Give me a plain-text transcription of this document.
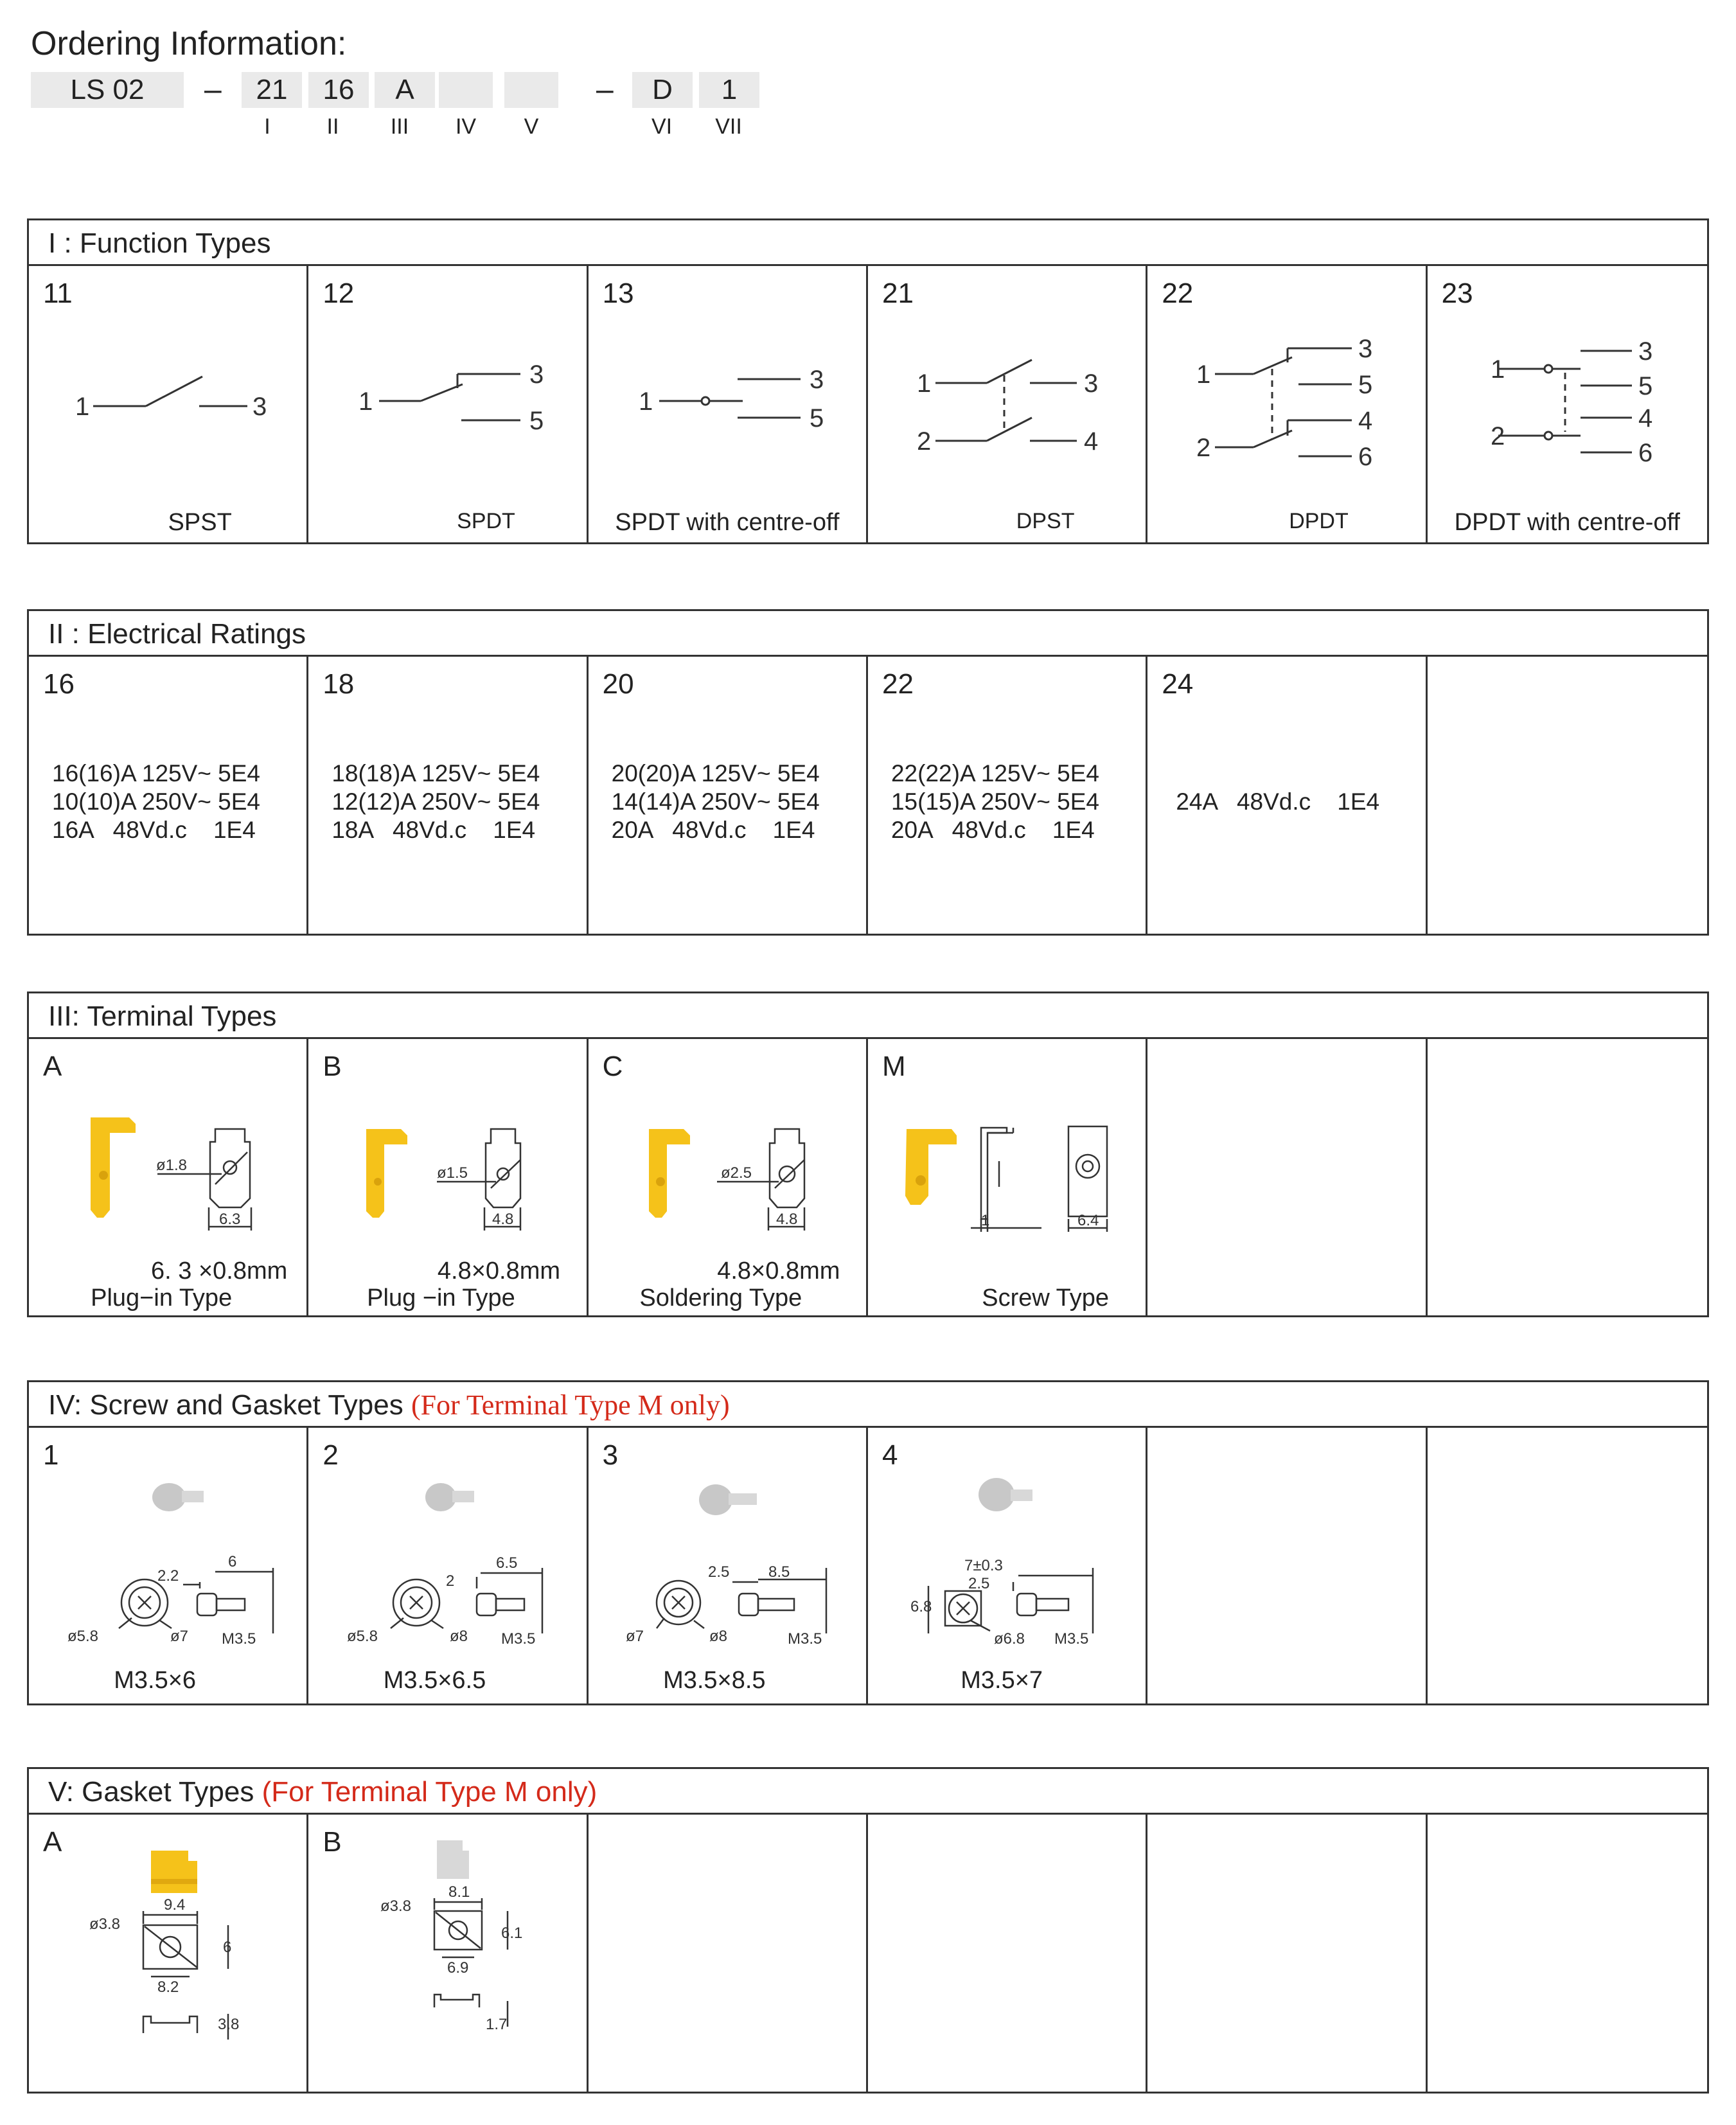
Ordering Information:
LS 02	–	21	16	A	–	D	1
I	II	III	IV	V	VI	VII
I : Function Types
11
1	3
SPST
12
1
3
5
SPDT
13
1
3
5
SPDT with centre-off
21
1	3
2	4
DPST
22
1
3
5
2
4
6
DPDT
23
1
3
5
2
4
6
DPDT with centre-off
II : Electrical Ratings
16
16(16)A 125V~ 5E4
10(10)A 250V~ 5E4
16A   48Vd.c    1E4
18
18(18)A 125V~ 5E4
12(12)A 250V~ 5E4
18A   48Vd.c    1E4
20
20(20)A 125V~ 5E4
14(14)A 250V~ 5E4
20A   48Vd.c    1E4
22
22(22)A 125V~ 5E4
15(15)A 250V~ 5E4
20A   48Vd.c    1E4
24
24A   48Vd.c    1E4
III: Terminal Types
A
ø1.8
6.3
6. 3 ×0.8mm
Plug−in Type
B
ø1.5
4.8
4.8×0.8mm
Plug −in Type
C
ø2.5
4.8
4.8×0.8mm
Soldering Type
M
1	6.4
Screw Type
IV: Screw and Gasket Types (For Terminal Type M only)
1
2.2
6
ø5.8	ø7 M3.5
M3.5×6
2
2
6.5
ø5.8	ø8 M3.5
M3.5×6.5
3
2.5	8.5
ø7	ø8	M3.5
M3.5×8.5
4
7±0.3
2.5
6.8
ø6.8 M3.5
M3.5×7
V: Gasket Types (For Terminal Type M only)
A
9.4
ø3.8
6
8.2
3.8
B
8.1
ø3.8
6.1
6.9
1.7
